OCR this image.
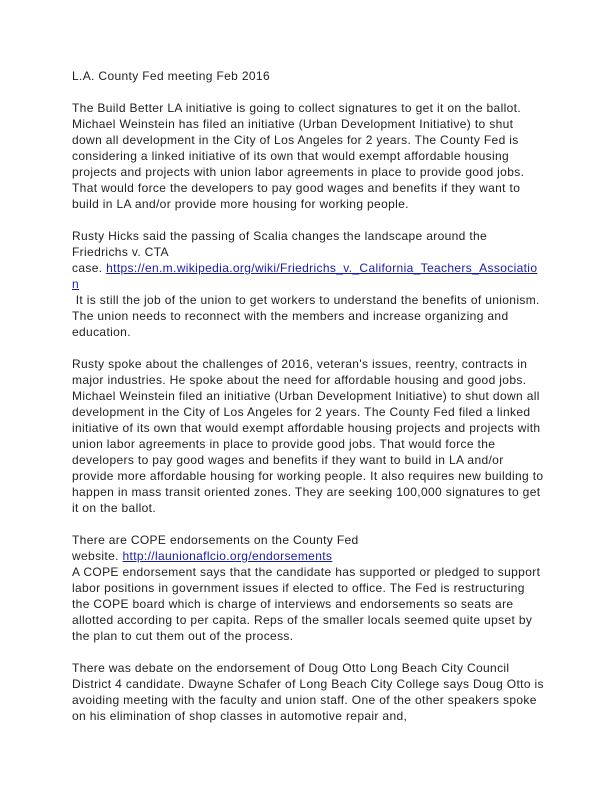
L.A. County Fed meeting Feb 2016

The Build Better LA initiative is going to collect signatures to get it on the ballot. Michael Weinstein has filed an initiative (Urban Development Initiative) to shut down all development in the City of Los Angeles for 2 years. The County Fed is considering a linked initiative of its own that would exempt affordable housing projects and projects with union labor agreements in place to provide good jobs. That would force the developers to pay good wages and benefits if they want to build in LA and/or provide more housing for working people.

Rusty Hicks said the passing of Scalia changes the landscape around the Friedrichs v. CTA
case. https://en.m.wikipedia.org/wiki/Friedrichs_v._California_Teachers_Association
It is still the job of the union to get workers to understand the benefits of unionism. The union needs to reconnect with the members and increase organizing and education.

Rusty spoke about the challenges of 2016, veteran's issues, reentry, contracts in major industries. He spoke about the need for affordable housing and good jobs. Michael Weinstein filed an initiative (Urban Development Initiative) to shut down all development in the City of Los Angeles for 2 years. The County Fed filed a linked initiative of its own that would exempt affordable housing projects and projects with union labor agreements in place to provide good jobs. That would force the developers to pay good wages and benefits if they want to build in LA and/or provide more affordable housing for working people. It also requires new building to happen in mass transit oriented zones. They are seeking 100,000 signatures to get it on the ballot.

There are COPE endorsements on the County Fed
website. http://launionaflcio.org/endorsements
A COPE endorsement says that the candidate has supported or pledged to support labor positions in government issues if elected to office. The Fed is restructuring the COPE board which is charge of interviews and endorsements so seats are allotted according to per capita. Reps of the smaller locals seemed quite upset by the plan to cut them out of the process.

There was debate on the endorsement of Doug Otto Long Beach City Council District 4 candidate. Dwayne Schafer of Long Beach City College says Doug Otto is avoiding meeting with the faculty and union staff. One of the other speakers spoke on his elimination of shop classes in automotive repair and,
